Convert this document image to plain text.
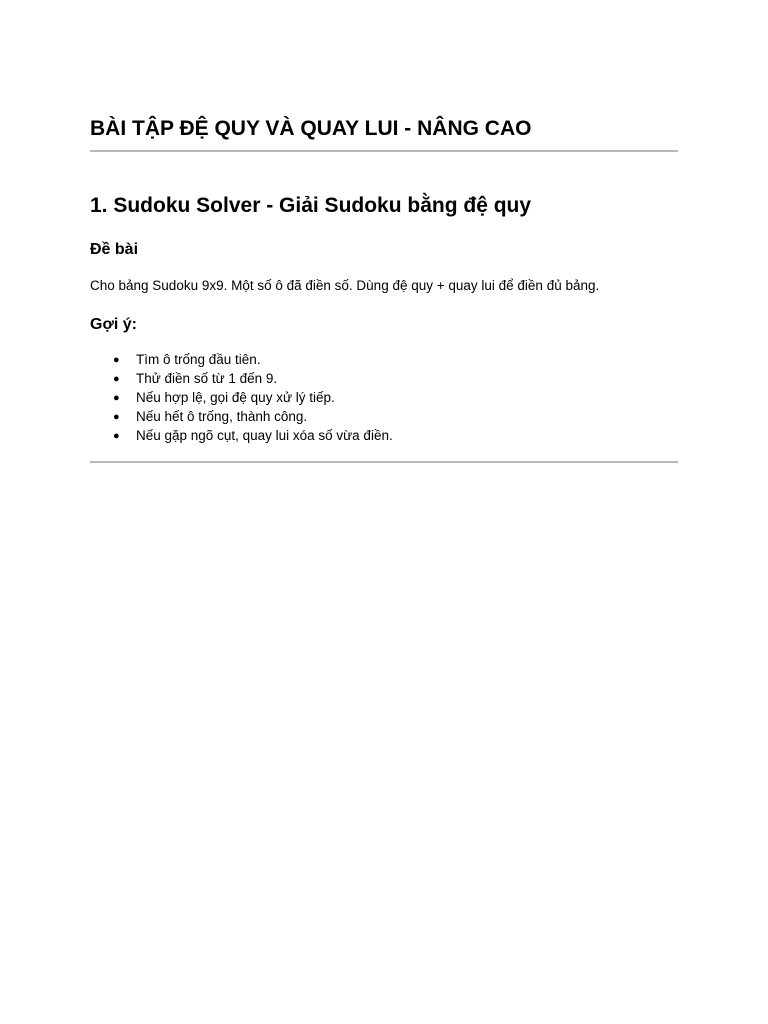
BÀI TẬP ĐỆ QUY VÀ QUAY LUI - NÂNG CAO
1. Sudoku Solver - Giải Sudoku bằng đệ quy
Đề bài

Cho bảng Sudoku 9x9. Một số ô đã điền số. Dùng đệ quy + quay lui để điền đủ bảng.

Gợi ý:
● Tìm ô trống đầu tiên.
● Thử điền số từ 1 đến 9.
● Nếu hợp lệ, gọi đệ quy xử lý tiếp.
● Nếu hết ô trống, thành công.
● Nếu gặp ngõ cụt, quay lui xóa số vừa điền.
